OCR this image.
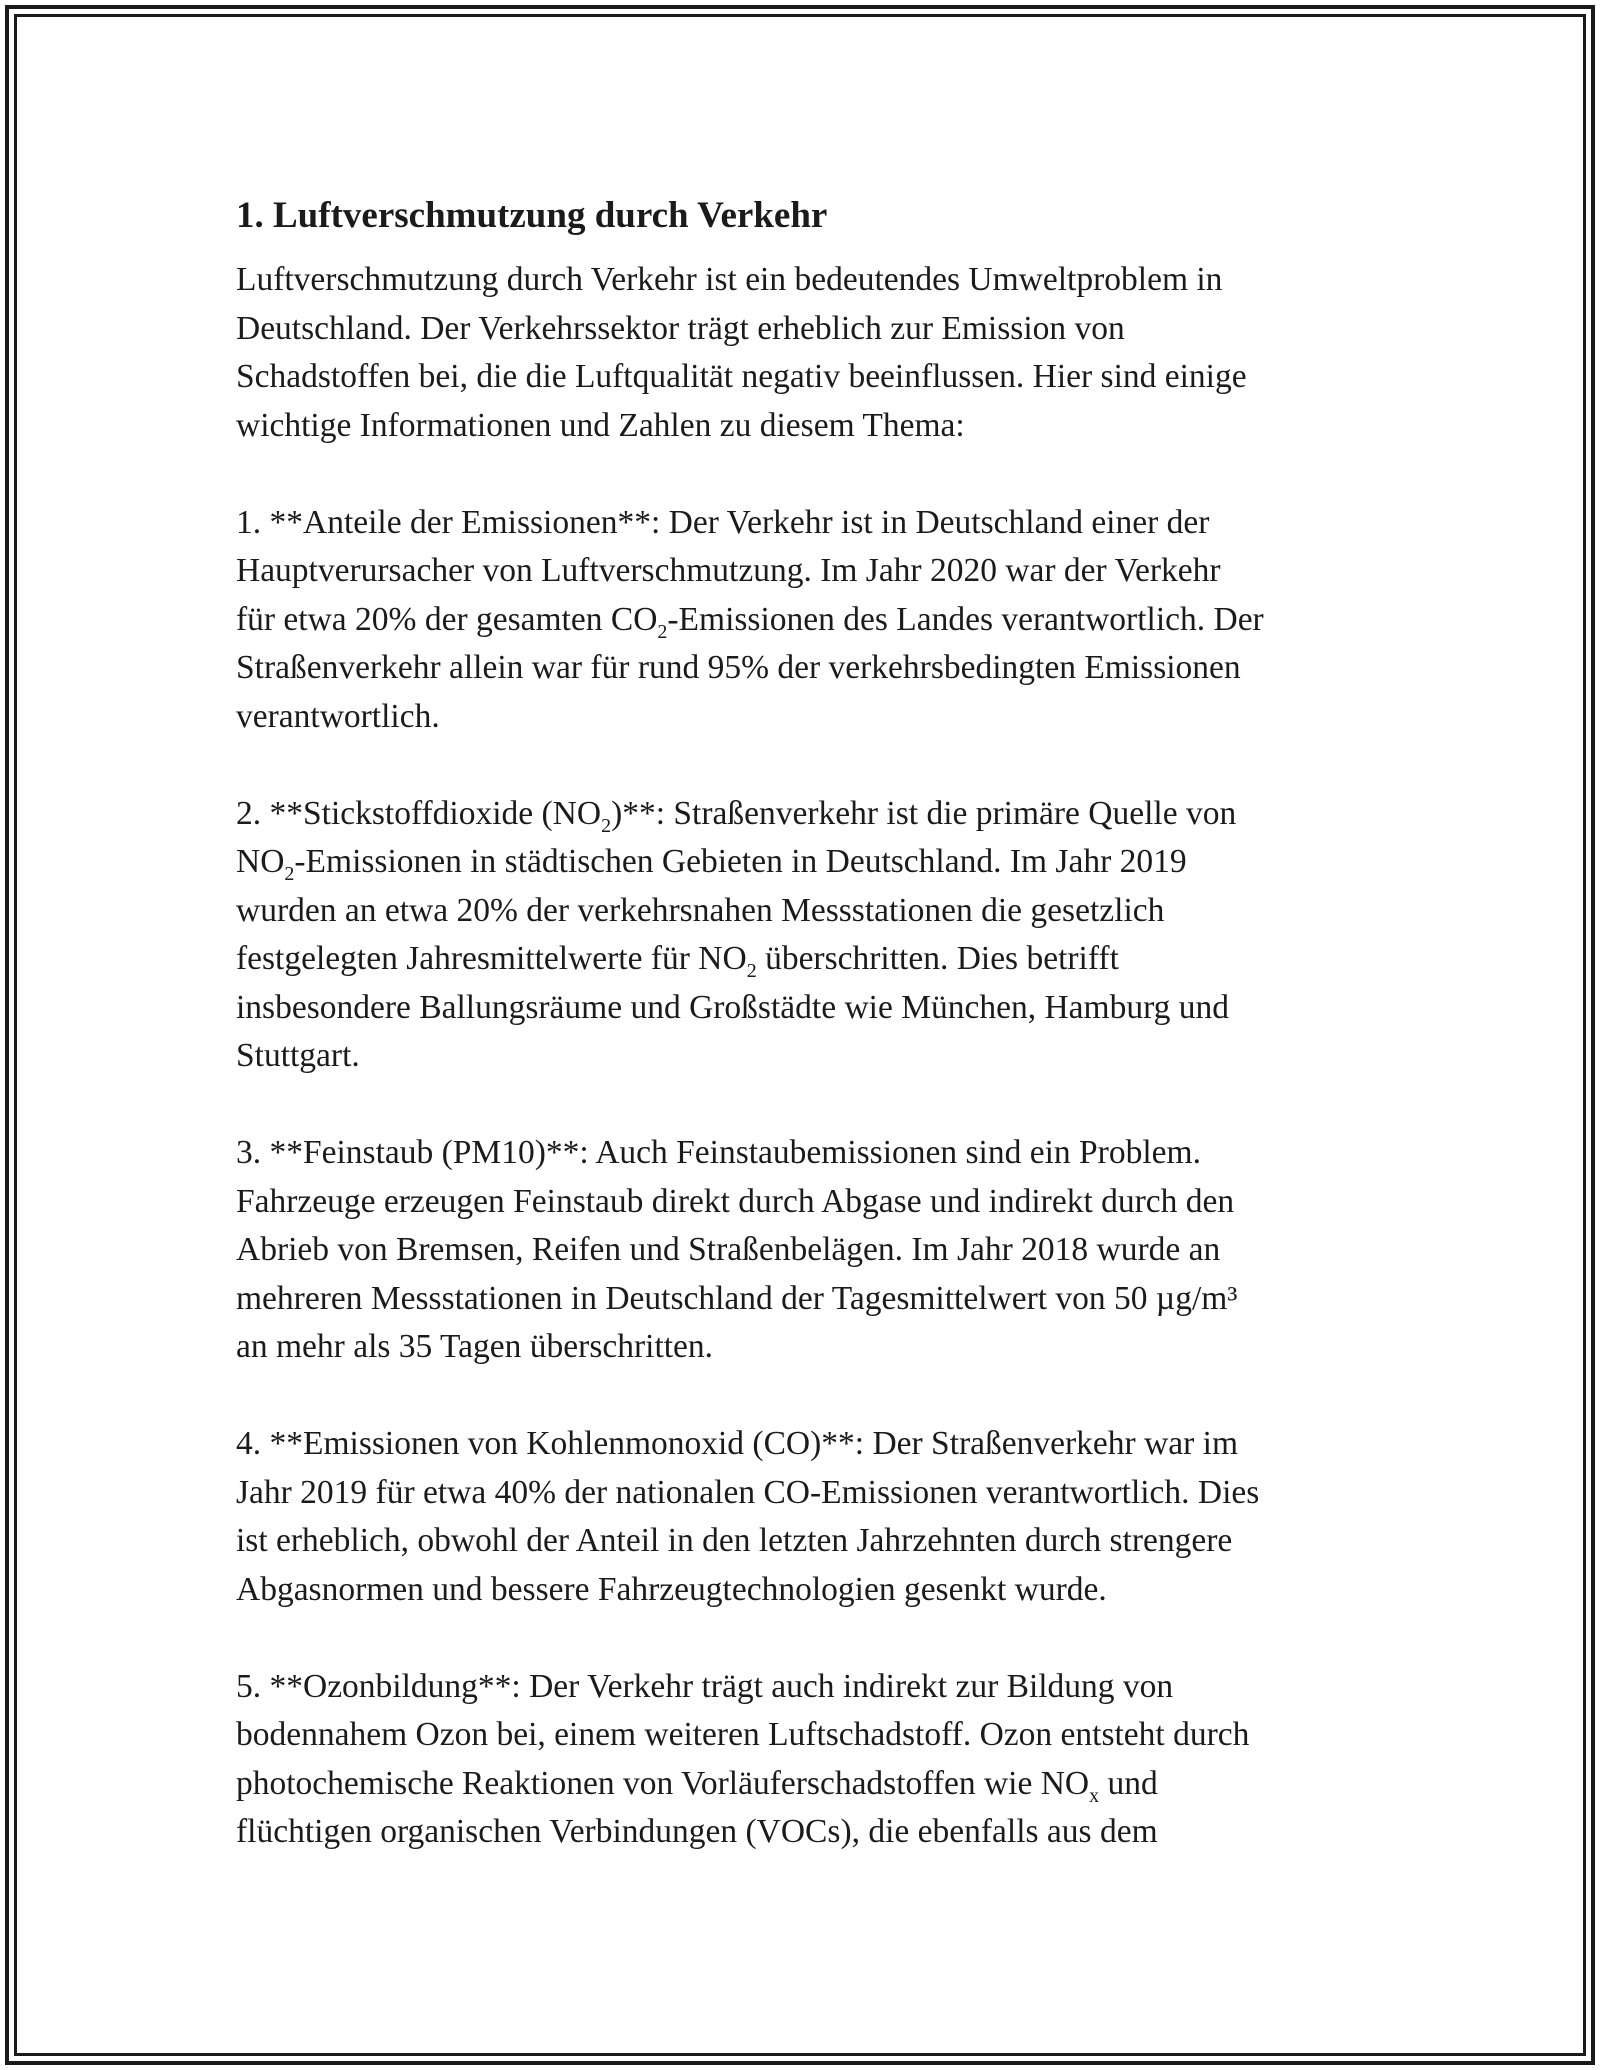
1. Luftverschmutzung durch Verkehr

Luftverschmutzung durch Verkehr ist ein bedeutendes Umweltproblem in
Deutschland. Der Verkehrssektor trägt erheblich zur Emission von
Schadstoffen bei, die die Luftqualität negativ beeinflussen. Hier sind einige
wichtige Informationen und Zahlen zu diesem Thema:

1. **Anteile der Emissionen**: Der Verkehr ist in Deutschland einer der
Hauptverursacher von Luftverschmutzung. Im Jahr 2020 war der Verkehr
für etwa 20% der gesamten $CO_2$-Emissionen des Landes verantwortlich. Der
Straßenverkehr allein war für rund 95% der verkehrsbedingten Emissionen
verantwortlich.

2. **Stickstoffdioxide $(NO_2)**$: Straßenverkehr ist die primäre Quelle von
$NO_2$-Emissionen in städtischen Gebieten in Deutschland. Im Jahr 2019
wurden an etwa 20% der verkehrsnahen Messstationen die gesetzlich
festgelegten Jahresmittelwerte für $NO_2$ überschritten. Dies betrifft
insbesondere Ballungsräume und Großstädte wie München, Hamburg und
Stuttgart.

3. **Feinstaub (PM10)**: Auch Feinstaubemissionen sind ein Problem.
Fahrzeuge erzeugen Feinstaub direkt durch Abgase und indirekt durch den
Abrieb von Bremsen, Reifen und Straßenbelägen. Im Jahr 2018 wurde an
mehreren Messstationen in Deutschland der Tagesmittelwert von 50 µg/m³
an mehr als 35 Tagen überschritten.

4. **Emissionen von Kohlenmonoxid (CO)**: Der Straßenverkehr war im
Jahr 2019 für etwa 40% der nationalen CO-Emissionen verantwortlich. Dies
ist erheblich, obwohl der Anteil in den letzten Jahrzehnten durch strengere
Abgasnormen und bessere Fahrzeugtechnologien gesenkt wurde.

5. **Ozonbildung**: Der Verkehr trägt auch indirekt zur Bildung von
bodennahem Ozon bei, einem weiteren Luftschadstoff. Ozon entsteht durch
photochemische Reaktionen von Vorläuferschadstoffen wie $NO_x$ und
flüchtigen organischen Verbindungen (VOCs), die ebenfalls aus dem
